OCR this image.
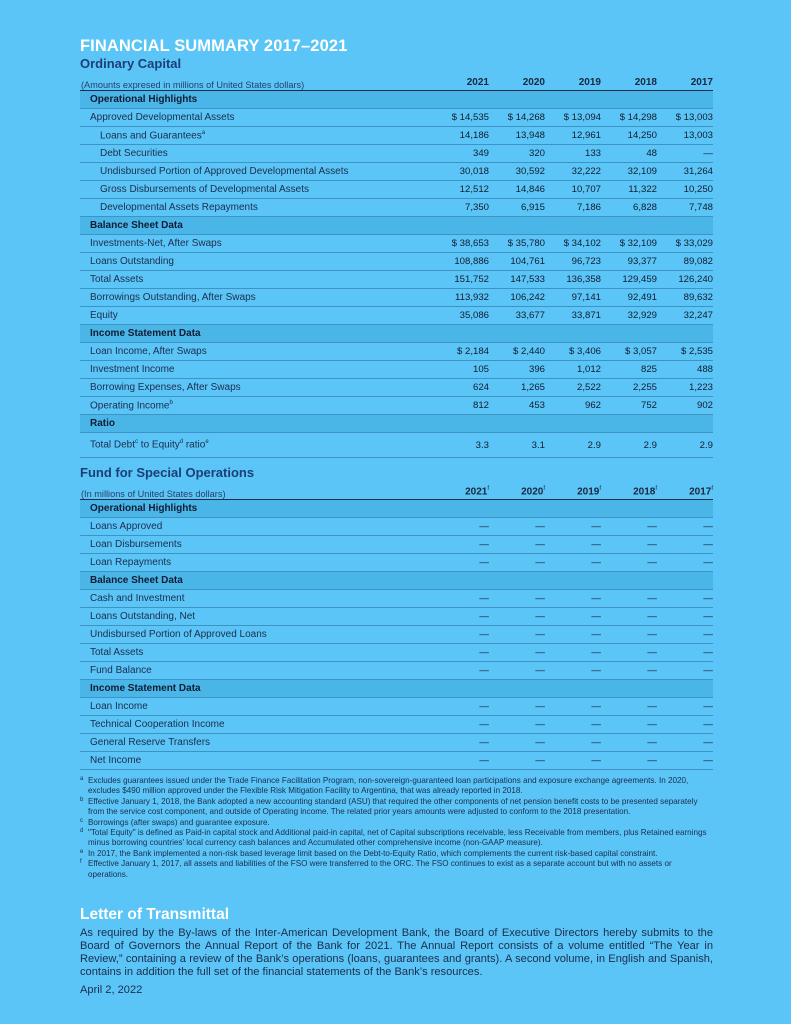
FINANCIAL SUMMARY 2017–2021
Ordinary Capital
(Amounts expresed in millions of United States dollars)	2021	2020	2019	2018	2017
Operational Highlights
Approved Developmental Assets	$ 14,535	$ 14,268	$ 13,094	$ 14,298	$ 13,003
Loans and Guarantees$^a$	14,186	13,948	12,961	14,250	13,003
Debt Securities	349	320	133	48	—
Undisbursed Portion of Approved Developmental Assets	30,018	30,592	32,222	32,109	31,264
Gross Disbursements of Developmental Assets	12,512	14,846	10,707	11,322	10,250
Developmental Assets Repayments	7,350	6,915	7,186	6,828	7,748
Balance Sheet Data
Investments-Net, After Swaps	$ 38,653	$ 35,780	$ 34,102	$ 32,109	$ 33,029
Loans Outstanding	108,886	104,761	96,723	93,377	89,082
Total Assets	151,752	147,533	136,358	129,459	126,240
Borrowings Outstanding, After Swaps	113,932	106,242	97,141	92,491	89,632
Equity	35,086	33,677	33,871	32,929	32,247
Income Statement Data
Loan Income, After Swaps	$ 2,184	$ 2,440	$ 3,406	$ 3,057	$ 2,535
Investment Income	105	396	1,012	825	488
Borrowing Expenses, After Swaps	624	1,265	2,522	2,255	1,223
Operating Income$^b$	812	453	962	752	902
Ratio
Total Debt$^c$ to Equity$^d$ ratio$^e$	3.3	3.1	2.9	2.9	2.9
Fund for Special Operations
(In millions of United States dollars)	2021$^f$	2020$^f$	2019$^f$	2018$^f$	2017$^f$
Operational Highlights
Loans Approved	—	—	—	—	—
Loan Disbursements	—	—	—	—	—
Loan Repayments	—	—	—	—	—
Balance Sheet Data
Cash and Investment	—	—	—	—	—
Loans Outstanding, Net	—	—	—	—	—
Undisbursed Portion of Approved Loans	—	—	—	—	—
Total Assets	—	—	—	—	—
Fund Balance	—	—	—	—	—
Income Statement Data
Loan Income	—	—	—	—	—
Technical Cooperation Income	—	—	—	—	—
General Reserve Transfers	—	—	—	—	—
Net Income	—	—	—	—	—
a Excludes guarantees issued under the Trade Finance Facilitation Program, non-sovereign-guaranteed loan participations and exposure exchange agreements. In 2020, excludes $490 million approved under the Flexible Risk Mitigation Facility to Argentina, that was already reported in 2018.
b Effective January 1, 2018, the Bank adopted a new accounting standard (ASU) that required the other components of net pension benefit costs to be presented separately from the service cost component, and outside of Operating income. The related prior years amounts were adjusted to conform to the 2018 presentation.
c Borrowings (after swaps) and guarantee exposure.
d "Total Equity" is defined as Paid-in capital stock and Additional paid-in capital, net of Capital subscriptions receivable, less Receivable from members, plus Retained earnings minus borrowing countries' local currency cash balances and Accumulated other comprehensive income (non-GAAP measure).
e In 2017, the Bank implemented a non-risk based leverage limit based on the Debt-to-Equity Ratio, which complements the current risk-based capital constraint.
f Effective January 1, 2017, all assets and liabilities of the FSO were transferred to the ORC. The FSO continues to exist as a separate account but with no assets or operations.
Letter of Transmittal
As required by the By-laws of the Inter-American Development Bank, the Board of Executive Directors hereby submits to the Board of Governors the Annual Report of the Bank for 2021. The Annual Report consists of a volume entitled “The Year in Review,” containing a review of the Bank’s operations (loans, guarantees and grants). A second volume, in English and Spanish, contains in addition the full set of the financial statements of the Bank’s resources.
April 2, 2022
